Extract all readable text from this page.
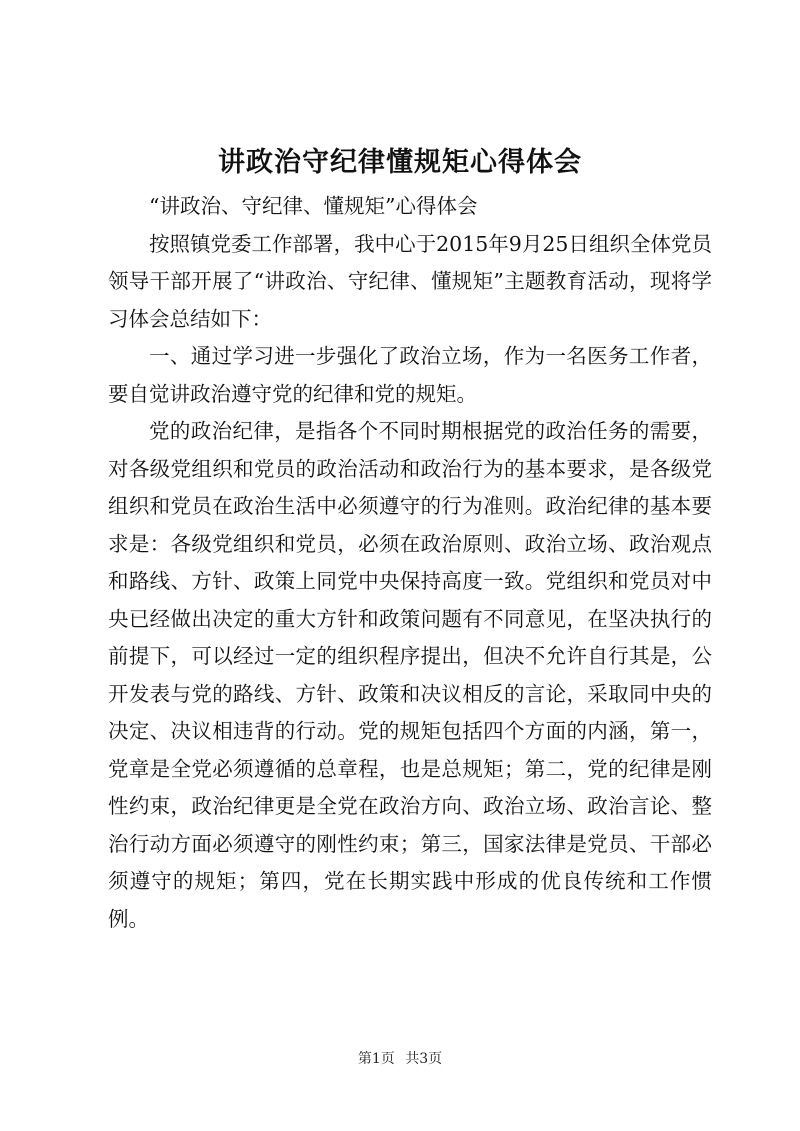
讲政治守纪律懂规矩心得体会

“讲政治、守纪律、懂规矩”心得体会

按照镇党委工作部署，我中心于2015年9月25日组织全体党员领导干部开展了“讲政治、守纪律、懂规矩”主题教育活动，现将学习体会总结如下：

一、通过学习进一步强化了政治立场，作为一名医务工作者，要自觉讲政治遵守党的纪律和党的规矩。

党的政治纪律，是指各个不同时期根据党的政治任务的需要，对各级党组织和党员的政治活动和政治行为的基本要求，是各级党组织和党员在政治生活中必须遵守的行为准则。政治纪律的基本要求是：各级党组织和党员，必须在政治原则、政治立场、政治观点和路线、方针、政策上同党中央保持高度一致。党组织和党员对中央已经做出决定的重大方针和政策问题有不同意见，在坚决执行的前提下，可以经过一定的组织程序提出，但决不允许自行其是，公开发表与党的路线、方针、政策和决议相反的言论，采取同中央的决定、决议相违背的行动。党的规矩包括四个方面的内涵，第一，党章是全党必须遵循的总章程，也是总规矩；第二，党的纪律是刚性约束，政治纪律更是全党在政治方向、政治立场、政治言论、整治行动方面必须遵守的刚性约束；第三，国家法律是党员、干部必须遵守的规矩；第四，党在长期实践中形成的优良传统和工作惯例。

第1页 共3页
